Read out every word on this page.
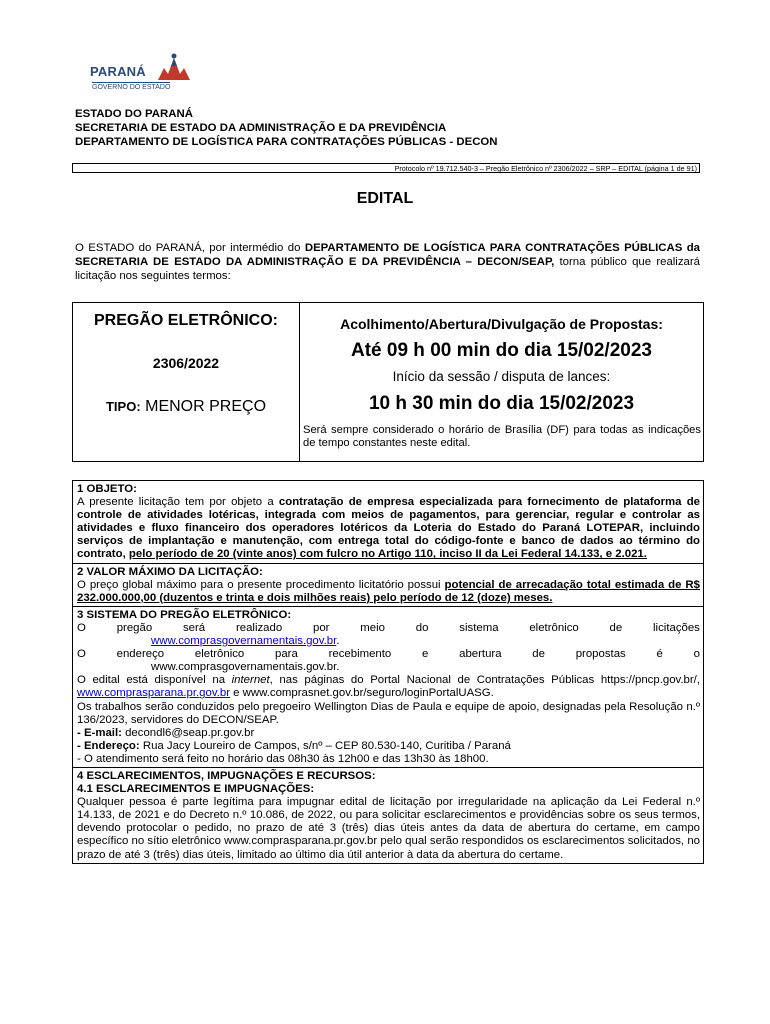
PARANÁ
GOVERNO DO ESTADO
ESTADO DO PARANÁ
SECRETARIA DE ESTADO DA ADMINISTRAÇÃO E DA PREVIDÊNCIA
DEPARTAMENTO DE LOGÍSTICA PARA CONTRATAÇÕES PÚBLICAS - DECON
Protocolo nº 19.712.540-3 – Pregão Eletrônico nº 2306/2022 – SRP – EDITAL (página 1 de 91)
EDITAL
O ESTADO do PARANÁ, por intermédio do DEPARTAMENTO DE LOGÍSTICA PARA CONTRATAÇÕES PÚBLICAS da SECRETARIA DE ESTADO DA ADMINISTRAÇÃO E DA PREVIDÊNCIA – DECON/SEAP, torna público que realizará licitação nos seguintes termos:
PREGÃO ELETRÔNICO:
2306/2022
TIPO: MENOR PREÇO
Acolhimento/Abertura/Divulgação de Propostas:
Até 09 h 00 min do dia 15/02/2023
Início da sessão / disputa de lances:
10 h 30 min do dia 15/02/2023
Será sempre considerado o horário de Brasília (DF) para todas as indicações de tempo constantes neste edital.
1 OBJETO:
A presente licitação tem por objeto a contratação de empresa especializada para fornecimento de plataforma de controle de atividades lotéricas, integrada com meios de pagamentos, para gerenciar, regular e controlar as atividades e fluxo financeiro dos operadores lotéricos da Loteria do Estado do Paraná LOTEPAR, incluindo serviços de implantação e manutenção, com entrega total do código-fonte e banco de dados ao término do contrato, pelo período de 20 (vinte anos) com fulcro no Artigo 110, inciso II da Lei Federal 14.133, e 2.021.
2 VALOR MÁXIMO DA LICITAÇÃO:
O preço global máximo para o presente procedimento licitatório possui potencial de arrecadação total estimada de R$ 232.000.000,00 (duzentos e trinta e dois milhões reais) pelo período de 12 (doze) meses.
3 SISTEMA DO PREGÃO ELETRÔNICO:
O	pregão	será	realizado	por	meio	do	sistema	eletrônico	de	licitações
www.comprasgovernamentais.gov.br.
O	endereço	eletrônico	para	recebimento	e	abertura	de	propostas	é	o
www.comprasgovernamentais.gov.br.
O edital está disponível na internet, nas páginas do Portal Nacional de Contratações Públicas https://pncp.gov.br/, www.comprasparana.pr.gov.br e www.comprasnet.gov.br/seguro/loginPortalUASG.
Os trabalhos serão conduzidos pelo pregoeiro Wellington Dias de Paula e equipe de apoio, designadas pela Resolução n.º 136/2023, servidores do DECON/SEAP.
- E-mail: decondl6@seap.pr.gov.br
- Endereço: Rua Jacy Loureiro de Campos, s/nº – CEP 80.530-140, Curitiba / Paraná
- O atendimento será feito no horário das 08h30 às 12h00 e das 13h30 às 18h00.
4 ESCLARECIMENTOS, IMPUGNAÇÕES E RECURSOS:
4.1 ESCLARECIMENTOS E IMPUGNAÇÕES:
Qualquer pessoa é parte legítima para impugnar edital de licitação por irregularidade na aplicação da Lei Federal n.º 14.133, de 2021 e do Decreto n.º 10.086, de 2022, ou para solicitar esclarecimentos e providências sobre os seus termos, devendo protocolar o pedido, no prazo de até 3 (três) dias úteis antes da data de abertura do certame, em campo específico no sítio eletrônico www.comprasparana.pr.gov.br pelo qual serão respondidos os esclarecimentos solicitados, no prazo de até 3 (três) dias úteis, limitado ao último dia útil anterior à data da abertura do certame.
